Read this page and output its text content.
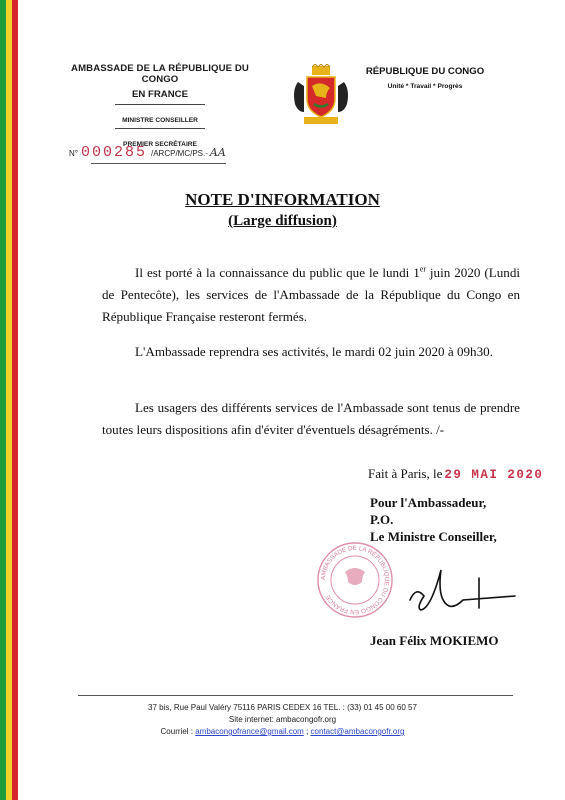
AMBASSADE DE LA RÉPUBLIQUE DU CONGO
EN FRANCE
MINISTRE CONSEILLER
PREMIER SECRÉTAIRE
RÉPUBLIQUE DU CONGO
Unité * Travail * Progrès
N° 000285 /ARCP/MC/PS.- AA
NOTE D'INFORMATION
(Large diffusion)
Il est porté à la connaissance du public que le lundi 1er juin 2020 (Lundi de Pentecôte), les services de l'Ambassade de la République du Congo en République Française resteront fermés.
L'Ambassade reprendra ses activités, le mardi 02 juin 2020 à 09h30.
Les usagers des différents services de l'Ambassade sont tenus de prendre toutes leurs dispositions afin d'éviter d'éventuels désagréments. /-
Fait à Paris, le 29 MAI 2020
Pour l'Ambassadeur,
P.O.
Le Ministre Conseiller,
AMBASSADE DE LA RÉPUBLIQUE DU CONGO EN FRANCE
Jean Félix MOKIEMO
37 bis, Rue Paul Valéry 75116 PARIS CEDEX 16 TEL. : (33) 01 45 00 60 57
Site internet: ambacongofr.org
Courriel : ambacongofrance@gmail.com ; contact@ambacongofr.org
